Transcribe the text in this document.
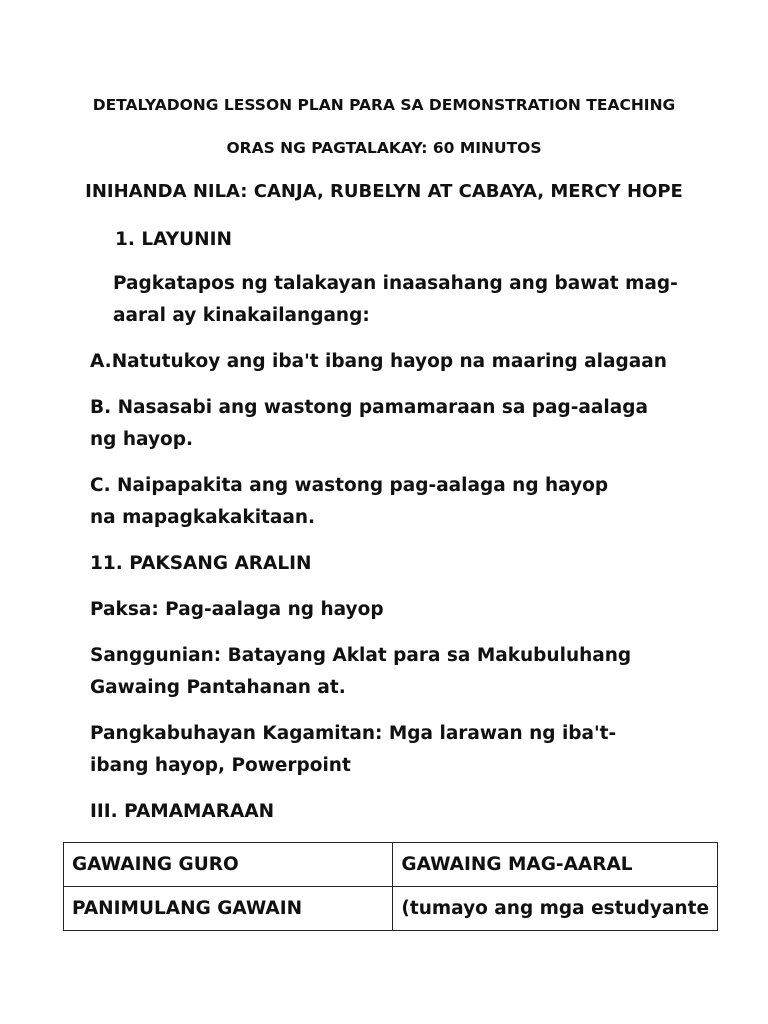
DETALYADONG LESSON PLAN PARA SA DEMONSTRATION TEACHING
ORAS NG PAGTALAKAY: 60 MINUTOS
INIHANDA NILA: CANJA, RUBELYN AT CABAYA, MERCY HOPE
1. LAYUNIN
Pagkatapos ng talakayan inaasahang ang bawat mag-aaral ay kinakailangang:
A.Natutukoy ang iba't ibang hayop na maaring alagaan
B. Nasasabi ang wastong pamamaraan sa pag-aalaga ng hayop.
C. Naipapakita ang wastong pag-aalaga ng hayop na mapagkakakitaan.
11. PAKSANG ARALIN
Paksa: Pag-aalaga ng hayop
Sanggunian: Batayang Aklat para sa Makubuluhang Gawaing Pantahanan at.
Pangkabuhayan Kagamitan: Mga larawan ng iba't-ibang hayop, Powerpoint
III. PAMAMARAAN
GAWAING GURO	GAWAING MAG-AARAL
PANIMULANG GAWAIN	(tumayo ang mga estudyante
